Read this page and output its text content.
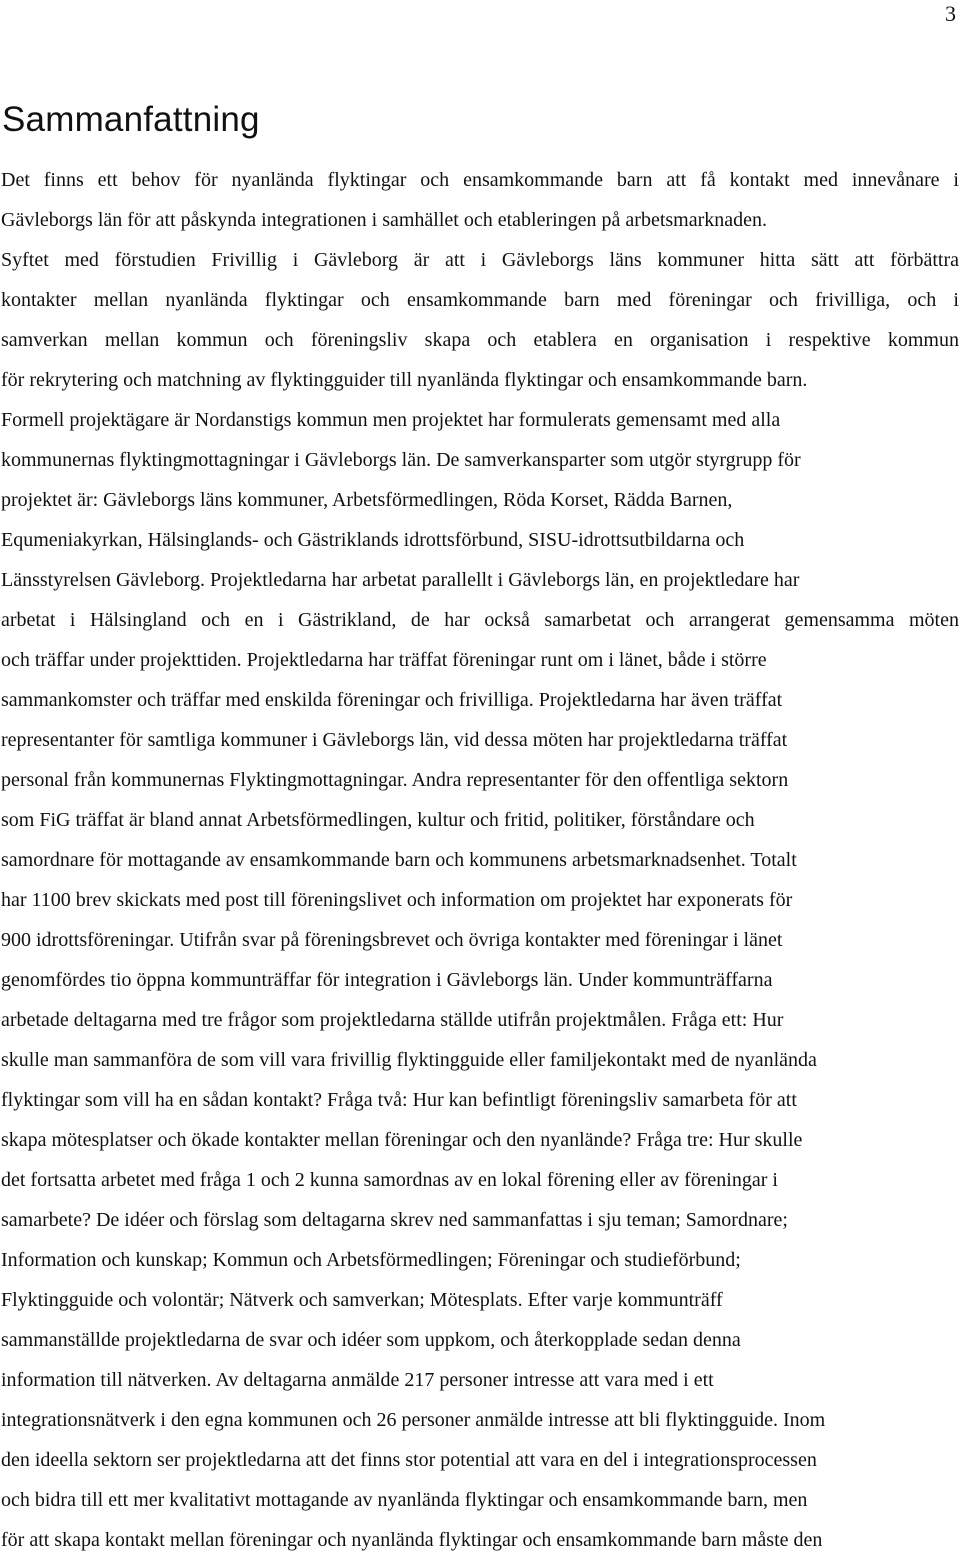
3
Sammanfattning
Det finns ett behov för nyanlända flyktingar och ensamkommande barn att få kontakt med innevånare i
Gävleborgs län för att påskynda integrationen i samhället och etableringen på arbetsmarknaden.
Syftet med förstudien Frivillig i Gävleborg är att i Gävleborgs läns kommuner hitta sätt att förbättra
kontakter mellan nyanlända flyktingar och ensamkommande barn med föreningar och frivilliga, och i
samverkan mellan kommun och föreningsliv skapa och etablera en organisation i respektive kommun
för rekrytering och matchning av flyktingguider till nyanlända flyktingar och ensamkommande barn.
Formell projektägare är Nordanstigs kommun men projektet har formulerats gemensamt med alla
kommunernas flyktingmottagningar i Gävleborgs län. De samverkansparter som utgör styrgrupp för
projektet är: Gävleborgs läns kommuner, Arbetsförmedlingen, Röda Korset, Rädda Barnen,
Equmeniakyrkan, Hälsinglands- och Gästriklands idrottsförbund, SISU-idrottsutbildarna och
Länsstyrelsen Gävleborg. Projektledarna har arbetat parallellt i Gävleborgs län, en projektledare har
arbetat i Hälsingland och en i Gästrikland, de har också samarbetat och arrangerat gemensamma möten
och träffar under projekttiden. Projektledarna har träffat föreningar runt om i länet, både i större
sammankomster och träffar med enskilda föreningar och frivilliga. Projektledarna har även träffat
representanter för samtliga kommuner i Gävleborgs län, vid dessa möten har projektledarna träffat
personal från kommunernas Flyktingmottagningar. Andra representanter för den offentliga sektorn
som FiG träffat är bland annat Arbetsförmedlingen, kultur och fritid, politiker, förståndare och
samordnare för mottagande av ensamkommande barn och kommunens arbetsmarknadsenhet. Totalt
har 1100 brev skickats med post till föreningslivet och information om projektet har exponerats för
900 idrottsföreningar. Utifrån svar på föreningsbrevet och övriga kontakter med föreningar i länet
genomfördes tio öppna kommunträffar för integration i Gävleborgs län. Under kommunträffarna
arbetade deltagarna med tre frågor som projektledarna ställde utifrån projektmålen. Fråga ett: Hur
skulle man sammanföra de som vill vara frivillig flyktingguide eller familjekontakt med de nyanlända
flyktingar som vill ha en sådan kontakt? Fråga två: Hur kan befintligt föreningsliv samarbeta för att
skapa mötesplatser och ökade kontakter mellan föreningar och den nyanlände? Fråga tre: Hur skulle
det fortsatta arbetet med fråga 1 och 2 kunna samordnas av en lokal förening eller av föreningar i
samarbete? De idéer och förslag som deltagarna skrev ned sammanfattas i sju teman; Samordnare;
Information och kunskap; Kommun och Arbetsförmedlingen; Föreningar och studieförbund;
Flyktingguide och volontär; Nätverk och samverkan; Mötesplats. Efter varje kommunträff
sammanställde projektledarna de svar och idéer som uppkom, och återkopplade sedan denna
information till nätverken. Av deltagarna anmälde 217 personer intresse att vara med i ett
integrationsnätverk i den egna kommunen och 26 personer anmälde intresse att bli flyktingguide. Inom
den ideella sektorn ser projektledarna att det finns stor potential att vara en del i integrationsprocessen
och bidra till ett mer kvalitativt mottagande av nyanlända flyktingar och ensamkommande barn, men
för att skapa kontakt mellan föreningar och nyanlända flyktingar och ensamkommande barn måste den
